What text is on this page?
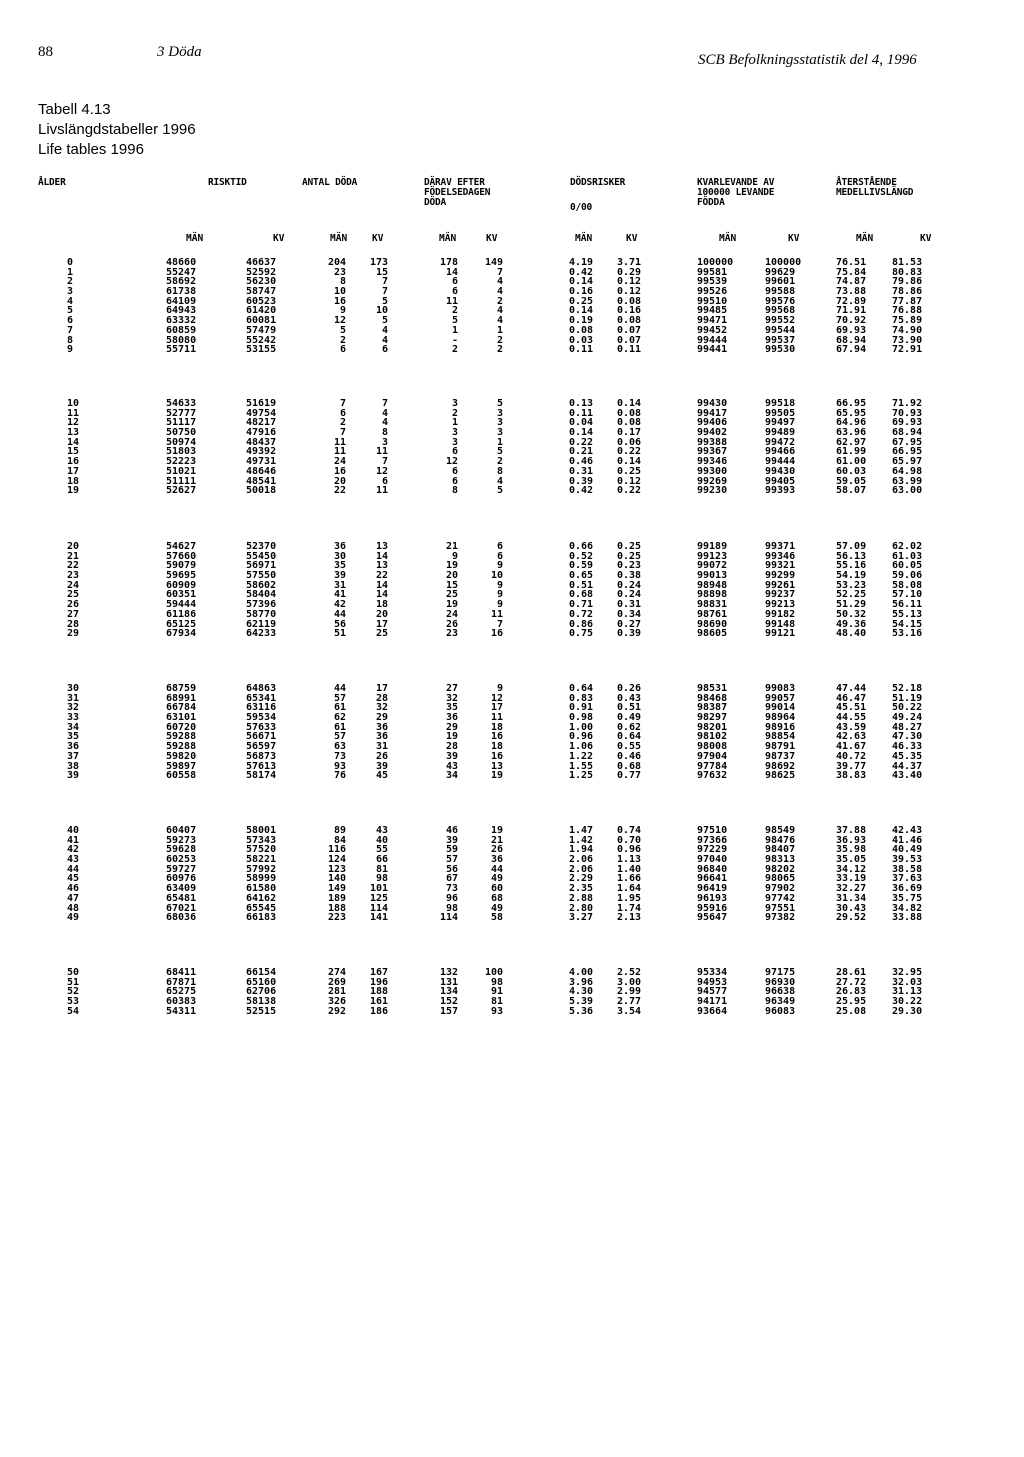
88	3 Döda	SCB Befolkningsstatistik del 4, 1996
Tabell 4.13
Livslängdstabeller 1996
Life tables 1996
ÅLDER	RISKTID	ANTAL DÖDA	DÄRAV EFTER
FÖDELSEDAGEN
DÖDA
DÖDSRISKER
0/00
KVARLEVANDE AV
100000 LEVANDE
FÖDDA
ÅTERSTÅENDE
MEDELLIVSLÄNGD
MÄN	KV	MÄN	KV	MÄN	KV	MÄN	KV	MÄN	KV	MÄN	KV
0	48660	46637	204 173	178	149	4.19 3.71	100000	100000	76.51	81.53
1	55247	52592	23	15	14	7	0.42 0.29	99581	99629	75.84	80.83
2	58692	56230	8	7	6	4	0.14 0.12	99539	99601	74.87	79.86
3	61738	58747	10	7	6	4	0.16 0.12	99526	99588	73.88	78.86
4	64109	60523	16	5	11	2	0.25 0.08	99510	99576	72.89	77.87
5	64943	61420	9	10	2	4	0.14 0.16	99485	99568	71.91	76.88
6	63332	60081	12	5	5	4	0.19 0.08	99471	99552	70.92	75.89
7	60859	57479	5	4	1	1	0.08 0.07	99452	99544	69.93	74.90
8	58080	55242	2	4	-	2	0.03 0.07	99444	99537	68.94	73.90
9	55711	53155	6	6	2	2	0.11 0.11	99441	99530	67.94	72.91
10	54633	51619	7	7	3	5	0.13 0.14	99430	99518	66.95	71.92
11	52777	49754	6	4	2	3	0.11 0.08	99417	99505	65.95	70.93
12	51117	48217	2	4	1	3	0.04 0.08	99406	99497	64.96	69.93
13	50750	47916	7	8	3	3	0.14 0.17	99402	99489	63.96	68.94
14	50974	48437	11	3	3	1	0.22 0.06	99388	99472	62.97	67.95
15	51803	49392	11	11	6	5	0.21 0.22	99367	99466	61.99	66.95
16	52223	49731	24	7	12	2	0.46 0.14	99346	99444	61.00	65.97
17	51021	48646	16	12	6	8	0.31 0.25	99300	99430	60.03	64.98
18	51111	48541	20	6	6	4	0.39 0.12	99269	99405	59.05	63.99
19	52627	50018	22	11	8	5	0.42 0.22	99230	99393	58.07	63.00
20	54627	52370	36	13	21	6	0.66 0.25	99189	99371	57.09	62.02
21	57660	55450	30	14	9	6	0.52 0.25	99123	99346	56.13	61.03
22	59079	56971	35	13	19	9	0.59 0.23	99072	99321	55.16	60.05
23	59695	57550	39	22	20	10	0.65 0.38	99013	99299	54.19	59.06
24	60909	58602	31	14	15	9	0.51 0.24	98948	99261	53.23	58.08
25	60351	58404	41	14	25	9	0.68 0.24	98898	99237	52.25	57.10
26	59444	57396	42	18	19	9	0.71 0.31	98831	99213	51.29	56.11
27	61186	58770	44	20	24	11	0.72 0.34	98761	99182	50.32	55.13
28	65125	62119	56	17	26	7	0.86 0.27	98690	99148	49.36	54.15
29	67934	64233	51	25	23	16	0.75 0.39	98605	99121	48.40	53.16
30	68759	64863	44	17	27	9	0.64 0.26	98531	99083	47.44	52.18
31	68991	65341	57	28	32	12	0.83 0.43	98468	99057	46.47	51.19
32	66784	63116	61	32	35	17	0.91 0.51	98387	99014	45.51	50.22
33	63101	59534	62	29	36	11	0.98 0.49	98297	98964	44.55	49.24
34	60720	57633	61	36	29	18	1.00 0.62	98201	98916	43.59	48.27
35	59288	56671	57	36	19	16	0.96 0.64	98102	98854	42.63	47.30
36	59288	56597	63	31	28	18	1.06 0.55	98008	98791	41.67	46.33
37	59820	56873	73	26	39	16	1.22 0.46	97904	98737	40.72	45.35
38	59897	57613	93	39	43	13	1.55 0.68	97784	98692	39.77	44.37
39	60558	58174	76	45	34	19	1.25 0.77	97632	98625	38.83	43.40
40	60407	58001	89	43	46	19	1.47 0.74	97510	98549	37.88	42.43
41	59273	57343	84	40	39	21	1.42 0.70	97366	98476	36.93	41.46
42	59628	57520	116	55	59	26	1.94 0.96	97229	98407	35.98	40.49
43	60253	58221	124	66	57	36	2.06 1.13	97040	98313	35.05	39.53
44	59727	57992	123	81	56	44	2.06 1.40	96840	98202	34.12	38.58
45	60976	58999	140	98	67	49	2.29 1.66	96641	98065	33.19	37.63
46	63409	61580	149 101	73	60	2.35 1.64	96419	97902	32.27	36.69
47	65481	64162	189 125	96	68	2.88 1.95	96193	97742	31.34	35.75
48	67021	65545	188 114	98	49	2.80 1.74	95916	97551	30.43	34.82
49	68036	66183	223 141	114	58	3.27 2.13	95647	97382	29.52	33.88
50	68411	66154	274 167	132	100	4.00 2.52	95334	97175	28.61	32.95
51	67871	65160	269 196	131	98	3.96 3.00	94953	96930	27.72	32.03
52	65275	62706	281 188	134	91	4.30 2.99	94577	96638	26.83	31.13
53	60383	58138	326 161	152	81	5.39 2.77	94171	96349	25.95	30.22
54	54311	52515	292 186	157	93	5.36 3.54	93664	96083	25.08	29.30
